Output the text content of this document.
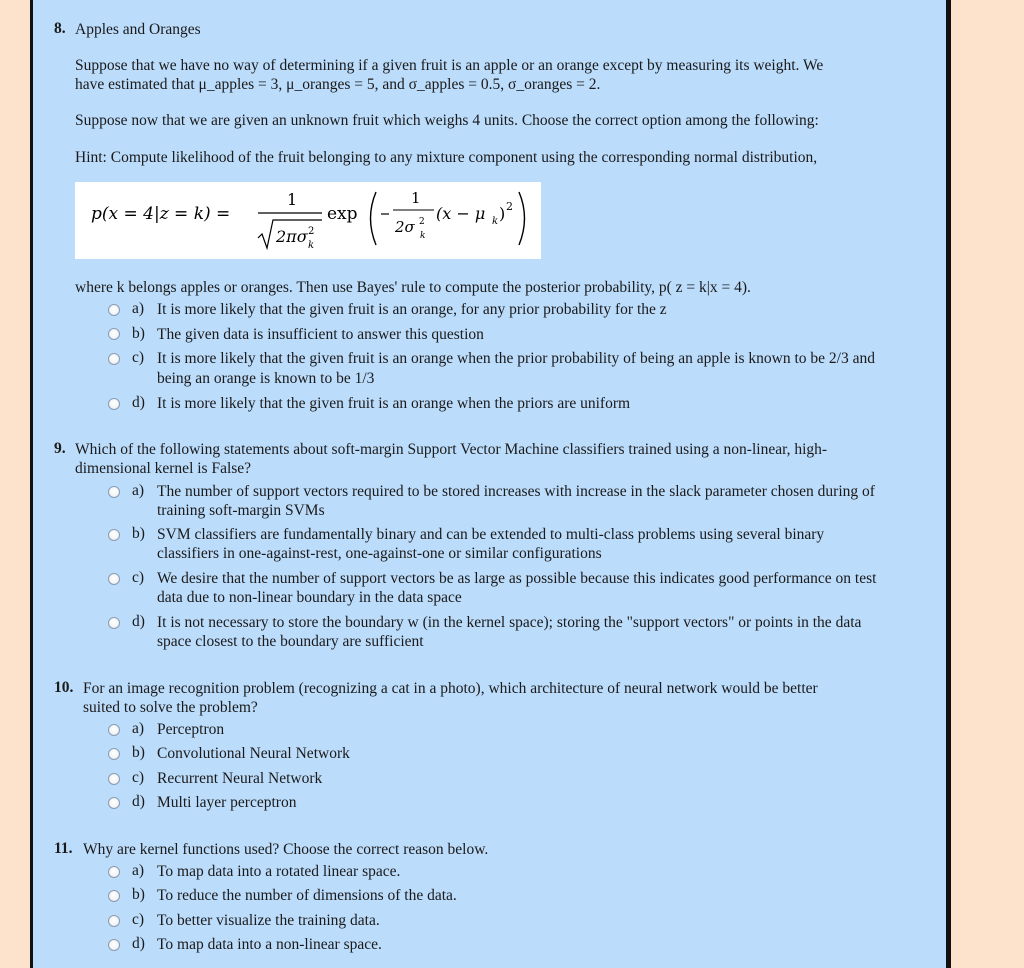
8. Apples and Oranges
Suppose that we have no way of determining if a given fruit is an apple or an orange except by measuring its weight. We
have estimated that μ_apples = 3, μ_oranges = 5, and σ_apples = 0.5, σ_oranges = 2.
Suppose now that we are given an unknown fruit which weighs 4 units. Choose the correct option among the following:
Hint: Compute likelihood of the fruit belonging to any mixture component using the corresponding normal distribution,
p(x = 4|z = k) =
1
2πσ 2
k
exp
1
2σ 2
k
(x − μ k ) 2
where k belongs apples or oranges. Then use Bayes' rule to compute the posterior probability, p( z = k|x = 4).
a) It is more likely that the given fruit is an orange, for any prior probability for the z
b) The given data is insufficient to answer this question
c) It is more likely that the given fruit is an orange when the prior probability of being an apple is known to be 2/3 and
being an orange is known to be 1/3
d) It is more likely that the given fruit is an orange when the priors are uniform
9. Which of the following statements about soft-margin Support Vector Machine classifiers trained using a non-linear, high-
dimensional kernel is False?
a) The number of support vectors required to be stored increases with increase in the slack parameter chosen during of
training soft-margin SVMs
b) SVM classifiers are fundamentally binary and can be extended to multi-class problems using several binary
classifiers in one-against-rest, one-against-one or similar configurations
c) We desire that the number of support vectors be as large as possible because this indicates good performance on test
data due to non-linear boundary in the data space
d) It is not necessary to store the boundary w (in the kernel space); storing the "support vectors" or points in the data
space closest to the boundary are sufficient
10. For an image recognition problem (recognizing a cat in a photo), which architecture of neural network would be better
suited to solve the problem?
a) Perceptron
b) Convolutional Neural Network
c) Recurrent Neural Network
d) Multi layer perceptron
11. Why are kernel functions used? Choose the correct reason below.
a) To map data into a rotated linear space.
b) To reduce the number of dimensions of the data.
c) To better visualize the training data.
d) To map data into a non-linear space.
